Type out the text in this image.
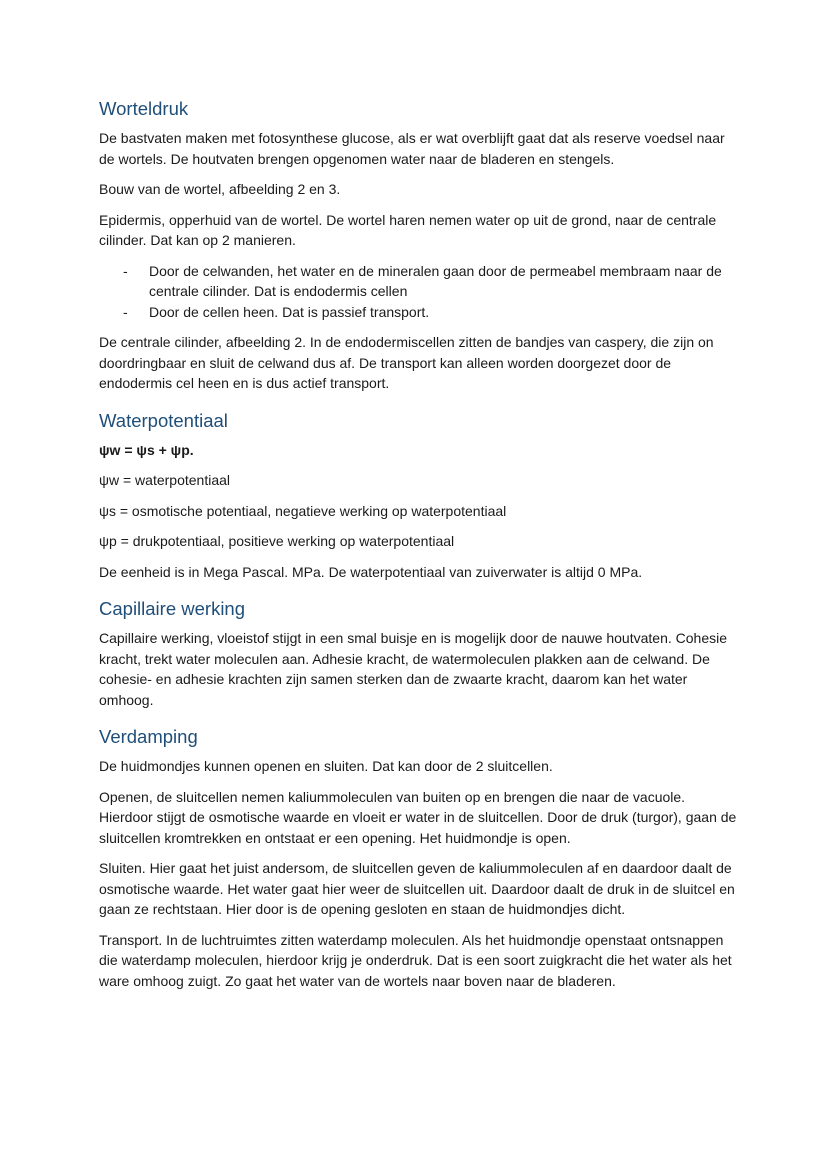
Worteldruk

De bastvaten maken met fotosynthese glucose, als er wat overblijft gaat dat als reserve voedsel naar de wortels. De houtvaten brengen opgenomen water naar de bladeren en stengels.

Bouw van de wortel, afbeelding 2 en 3.

Epidermis, opperhuid van de wortel. De wortel haren nemen water op uit de grond, naar de centrale cilinder. Dat kan op 2 manieren.

- Door de celwanden, het water en de mineralen gaan door de permeabel membraam naar de centrale cilinder. Dat is endodermis cellen
- Door de cellen heen. Dat is passief transport.

De centrale cilinder, afbeelding 2. In de endodermiscellen zitten de bandjes van caspery, die zijn on doordringbaar en sluit de celwand dus af. De transport kan alleen worden doorgezet door de endodermis cel heen en is dus actief transport.

Waterpotentiaal

ψw = ψs + ψp.

ψw = waterpotentiaal

ψs = osmotische potentiaal, negatieve werking op waterpotentiaal

ψp = drukpotentiaal, positieve werking op waterpotentiaal

De eenheid is in Mega Pascal. MPa. De waterpotentiaal van zuiverwater is altijd 0 MPa.

Capillaire werking

Capillaire werking, vloeistof stijgt in een smal buisje en is mogelijk door de nauwe houtvaten. Cohesie kracht, trekt water moleculen aan. Adhesie kracht, de watermoleculen plakken aan de celwand. De cohesie- en adhesie krachten zijn samen sterken dan de zwaarte kracht, daarom kan het water omhoog.

Verdamping

De huidmondjes kunnen openen en sluiten. Dat kan door de 2 sluitcellen.

Openen, de sluitcellen nemen kaliummoleculen van buiten op en brengen die naar de vacuole. Hierdoor stijgt de osmotische waarde en vloeit er water in de sluitcellen. Door de druk (turgor), gaan de sluitcellen kromtrekken en ontstaat er een opening. Het huidmondje is open.

Sluiten. Hier gaat het juist andersom, de sluitcellen geven de kaliummoleculen af en daardoor daalt de osmotische waarde. Het water gaat hier weer de sluitcellen uit. Daardoor daalt de druk in de sluitcel en gaan ze rechtstaan. Hier door is de opening gesloten en staan de huidmondjes dicht.

Transport. In de luchtruimtes zitten waterdamp moleculen. Als het huidmondje openstaat ontsnappen die waterdamp moleculen, hierdoor krijg je onderdruk. Dat is een soort zuigkracht die het water als het ware omhoog zuigt. Zo gaat het water van de wortels naar boven naar de bladeren.
